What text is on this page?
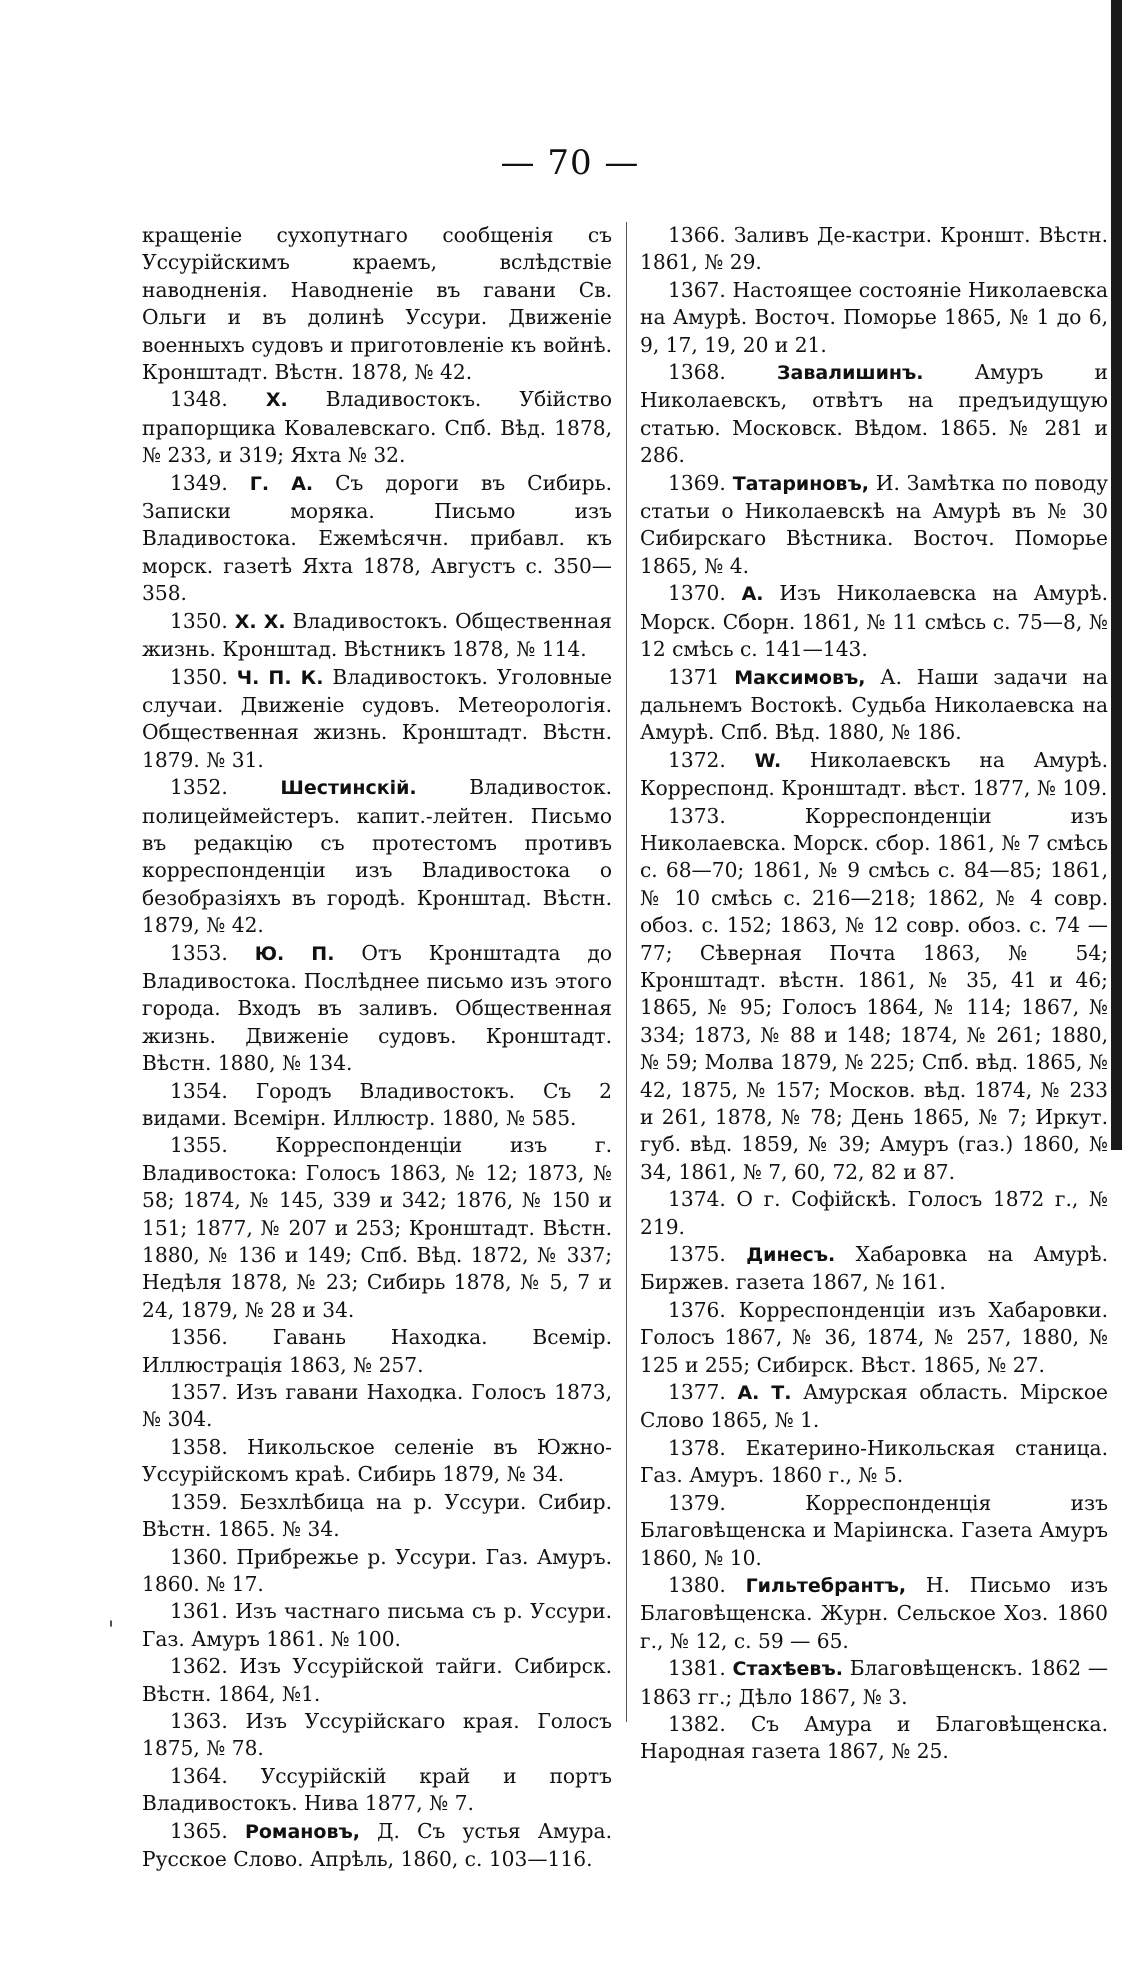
— 70 —

кращеніе сухопутнаго сообщенія съ Уссурійскимъ краемъ, вслѣдствіе наводненія. Наводненіе въ гавани Св. Ольги и въ долинѣ Уссури. Движеніе военныхъ судовъ и приготовленіе къ войнѣ. Кронштадт. Вѣстн. 1878, № 42.

1348. Х. Владивостокъ. Убійство прапорщика Ковалевскаго. Спб. Вѣд. 1878, № 233, и 319; Яхта № 32.

1349. Г. А. Съ дороги въ Сибирь. Записки моряка. Письмо изъ Владивостока. Ежемѣсячн. прибавл. къ морск. газетѣ Яхта 1878, Августъ с. 350—358.

1350. Х. Х. Владивостокъ. Общественная жизнь. Кронштад. Вѣстникъ 1878, № 114.

1350. Ч. П. К. Владивостокъ. Уголовные случаи. Движеніе судовъ. Метеорологія. Общественная жизнь. Кронштадт. Вѣстн. 1879. № 31.

1352.	Шестинскій.	Владивосток. полицеймейстеръ. капит.-лейтен. Письмо въ редакцію съ протестомъ противъ корреспонденціи изъ Владивостока о безобразіяхъ въ городѣ. Кронштад. Вѣстн. 1879, № 42.

1353. Ю. П. Отъ Кронштадта до Владивостока. Послѣднее письмо изъ этого города. Входъ въ заливъ. Общественная жизнь. Движеніе судовъ. Кронштадт. Вѣстн. 1880, № 134.

1354. Городъ Владивостокъ. Съ 2 видами. Всемірн. Иллюстр. 1880, № 585.

1355. Корреспонденціи изъ г. Владивостока: Голосъ 1863, № 12; 1873, № 58; 1874, № 145, 339 и 342; 1876, № 150 и 151; 1877, № 207 и 253; Кронштадт. Вѣстн. 1880, № 136 и 149; Спб. Вѣд. 1872, № 337; Недѣля 1878, № 23; Сибирь 1878, № 5, 7 и 24, 1879, № 28 и 34.

1356. Гавань Находка. Всемір. Иллюстрація 1863, № 257.

1357. Изъ гавани Находка. Голосъ 1873, № 304.

1358. Никольское селеніе въ Южно-Уссурійскомъ краѣ. Сибирь 1879, № 34.

1359. Безхлѣбица на р. Уссури. Сибир. Вѣстн. 1865. № 34.

1360. Прибрежье р. Уссури. Газ. Амуръ. 1860. № 17.

1361. Изъ частнаго письма съ р. Уссури. Газ. Амуръ 1861. № 100.

1362. Изъ Уссурійской тайги. Сибирск. Вѣстн. 1864, №1.

1363. Изъ Уссурійскаго края. Голосъ 1875, № 78.

1364. Уссурійскій край и портъ Владивостокъ. Нива 1877, № 7.

1365. Романовъ, Д. Съ устья Амура. Русское Слово. Апрѣль, 1860, с. 103—116.

1366. Заливъ Де-кастри. Кроншт. Вѣстн. 1861, № 29.

1367. Настоящее состояніе Николаевска на Амурѣ. Восточ. Поморье 1865, № 1 до 6, 9, 17, 19, 20 и 21.

1368.	Завалишинъ.	Амуръ и Николаевскъ, отвѣтъ на предъидущую статью. Московск. Вѣдом. 1865. № 281 и 286.

1369. Татариновъ, И. Замѣтка по поводу статьи о Николаевскѣ на Амурѣ въ № 30 Сибирскаго Вѣстника. Восточ. Поморье 1865, № 4.

1370. А. Изъ Николаевска на Амурѣ. Морск. Сборн. 1861, № 11 смѣсь с. 75—8, № 12 смѣсь с. 141—143.

1371 Максимовъ, А. Наши задачи на дальнемъ Востокѣ. Судьба Николаевска на Амурѣ. Спб. Вѣд. 1880, № 186.

1372. W. Николаевскъ на Амурѣ. Корреспонд. Кронштадт. вѣст. 1877, № 109.

1373.	Корреспонденціи изъ Николаевска. Морск. сбор. 1861, № 7 смѣсь с. 68—70; 1861, № 9 смѣсь с. 84—85; 1861, № 10 смѣсь с. 216—218; 1862, № 4 совр. обоз. с. 152; 1863, № 12 совр. обоз. с. 74 — 77; Сѣверная Почта 1863, № 54; Кронштадт. вѣстн. 1861, № 35, 41 и 46; 1865, № 95; Голосъ 1864, № 114; 1867, № 334; 1873, № 88 и 148; 1874, № 261; 1880, № 59; Молва 1879, № 225; Спб. вѣд. 1865, № 42, 1875, № 157; Москов. вѣд. 1874, № 233 и 261, 1878, № 78; День 1865, № 7; Иркут. губ. вѣд. 1859, № 39; Амуръ (газ.) 1860, № 34, 1861, № 7, 60, 72, 82 и 87.

1374. О г. Софійскѣ. Голосъ 1872 г., № 219.

1375. Динесъ. Хабаровка на Амурѣ. Биржев. газета 1867, № 161.

1376. Корреспонденціи изъ Хабаровки. Голосъ 1867, № 36, 1874, № 257, 1880, № 125 и 255; Сибирск. Вѣст. 1865, № 27.

1377. А. Т. Амурская область. Мірское Слово 1865, № 1.

1378. Екатерино-Никольская станица. Газ. Амуръ. 1860 г., № 5.

1379.	Корреспонденція изъ Благовѣщенска и Маріинска. Газета Амуръ 1860, № 10.

1380. Гильтебрантъ, Н. Письмо изъ Благовѣщенска. Журн. Сельское Хоз. 1860 г., № 12, с. 59 — 65.

1381. Стахѣевъ. Благовѣщенскъ. 1862 — 1863 гг.; Дѣло 1867, № 3.

1382. Съ Амура и Благовѣщенска. Народная газета 1867, № 25.

'
